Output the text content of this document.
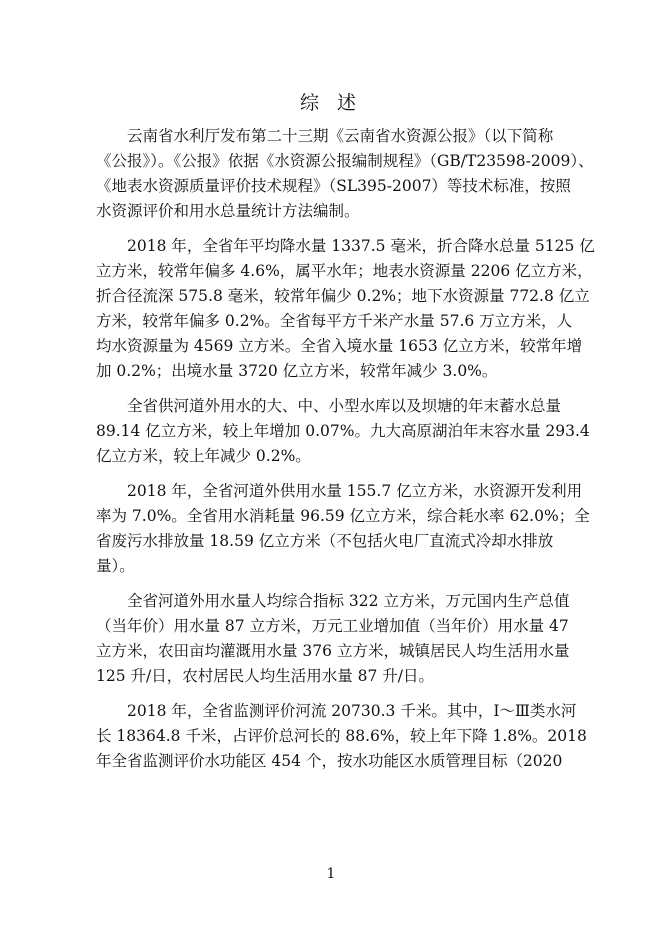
综 述

云南省水利厅发布第二十三期《云南省水资源公报》（以下简称
《公报》）。《公报》依据《水资源公报编制规程》（GB/T23598-2009）、
《地表水资源质量评价技术规程》（SL395-2007）等技术标准，按照
水资源评价和用水总量统计方法编制。

2018 年，全省年平均降水量 1337.5 毫米，折合降水总量 5125 亿
立方米，较常年偏多 4.6%，属平水年；地表水资源量 2206 亿立方米，
折合径流深 575.8 毫米，较常年偏少 0.2%；地下水资源量 772.8 亿立
方米，较常年偏多 0.2%。全省每平方千米产水量 57.6 万立方米，人
均水资源量为 4569 立方米。全省入境水量 1653 亿立方米，较常年增
加 0.2%；出境水量 3720 亿立方米，较常年减少 3.0%。

全省供河道外用水的大、中、小型水库以及坝塘的年末蓄水总量
89.14 亿立方米，较上年增加 0.07%。九大高原湖泊年末容水量 293.4
亿立方米，较上年减少 0.2%。

2018 年，全省河道外供用水量 155.7 亿立方米，水资源开发利用
率为 7.0%。全省用水消耗量 96.59 亿立方米，综合耗水率 62.0%；全
省废污水排放量 18.59 亿立方米（不包括火电厂直流式冷却水排放
量）。

全省河道外用水量人均综合指标 322 立方米，万元国内生产总值
（当年价）用水量 87 立方米，万元工业增加值（当年价）用水量 47
立方米，农田亩均灌溉用水量 376 立方米，城镇居民人均生活用水量
125 升/日，农村居民人均生活用水量 87 升/日。

2018 年，全省监测评价河流 20730.3 千米。其中，Ⅰ～Ⅲ类水河
长 18364.8 千米，占评价总河长的 88.6%，较上年下降 1.8%。2018
年全省监测评价水功能区 454 个，按水功能区水质管理目标（2020

1
